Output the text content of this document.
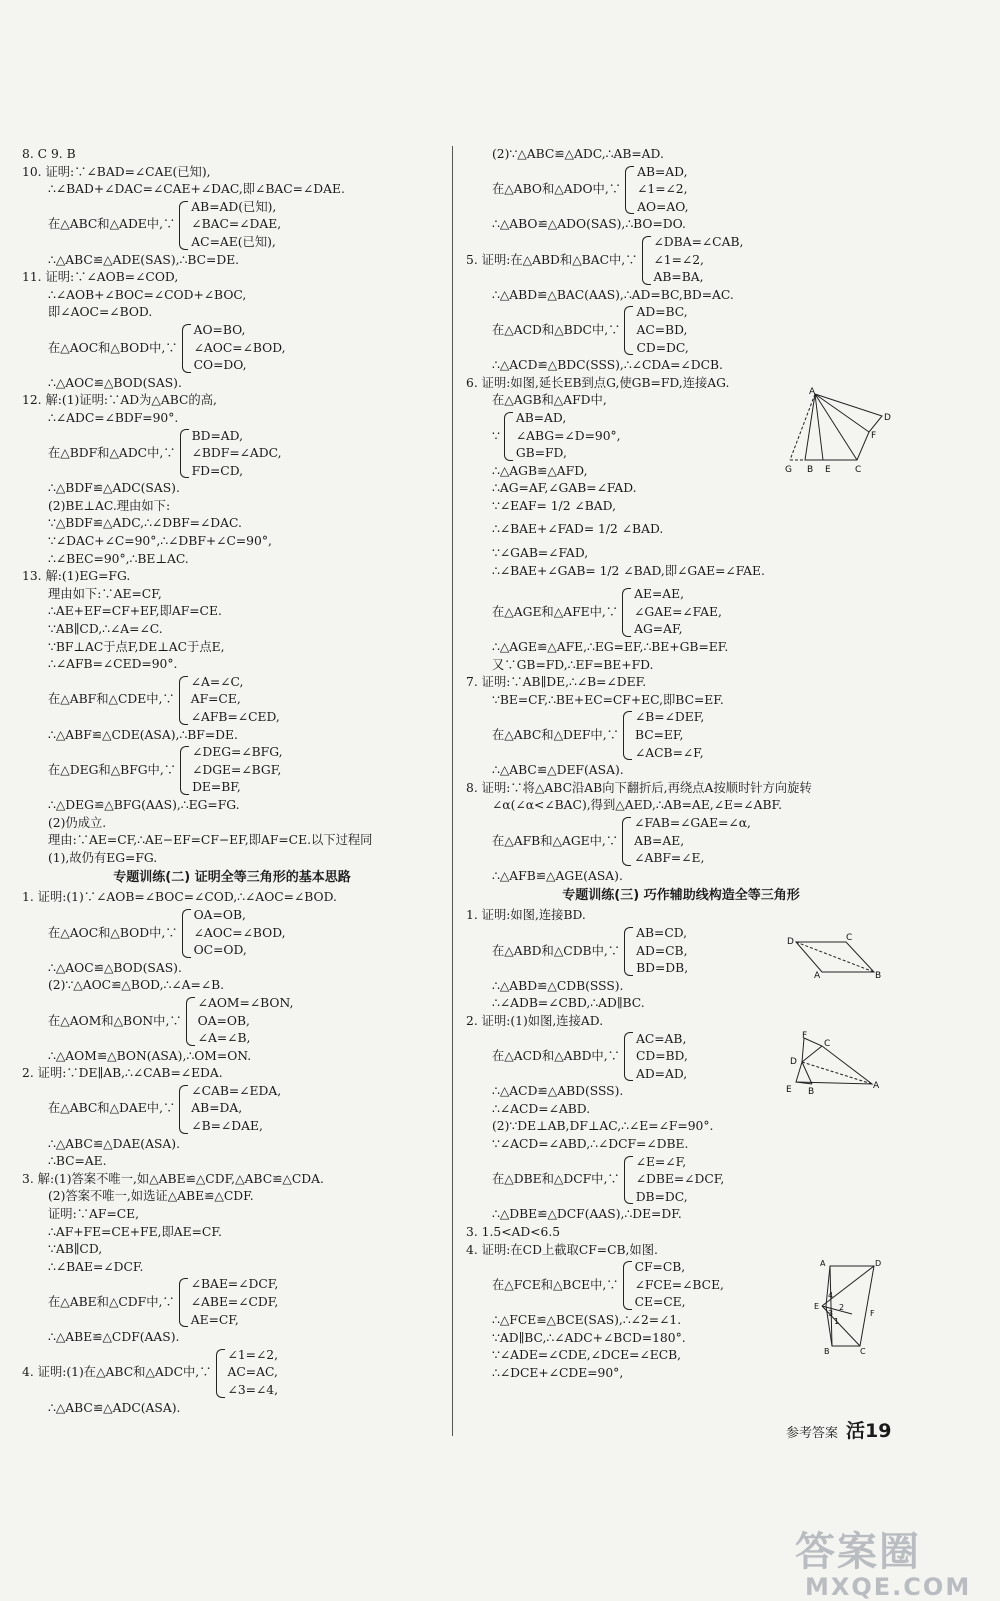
8. C 9. B
10. 证明:∵∠BAD=∠CAE(已知),
∴∠BAD+∠DAC=∠CAE+∠DAC,即∠BAC=∠DAE.
在△ABC和△ADE中,∵
AB=AD(已知),
∠BAC=∠DAE,
AC=AE(已知),
∴△ABC≌△ADE(SAS),∴BC=DE.
11. 证明:∵∠AOB=∠COD,
∴∠AOB+∠BOC=∠COD+∠BOC,
即∠AOC=∠BOD.
在△AOC和△BOD中,∵
AO=BO,
∠AOC=∠BOD,
CO=DO,
∴△AOC≌△BOD(SAS).
12. 解:(1)证明:∵AD为△ABC的高,
∴∠ADC=∠BDF=90°.
在△BDF和△ADC中,∵
BD=AD,
∠BDF=∠ADC,
FD=CD,
∴△BDF≌△ADC(SAS).
(2)BE⊥AC.理由如下:
∵△BDF≌△ADC,∴∠DBF=∠DAC.
∵∠DAC+∠C=90°,∴∠DBF+∠C=90°,
∴∠BEC=90°,∴BE⊥AC.
13. 解:(1)EG=FG.
理由如下:∵AE=CF,
∴AE+EF=CF+EF,即AF=CE.
∵AB∥CD,∴∠A=∠C.
∵BF⊥AC于点F,DE⊥AC于点E,
∴∠AFB=∠CED=90°.
在△ABF和△CDE中,∵
∠A=∠C,
AF=CE,
∠AFB=∠CED,
∴△ABF≌△CDE(ASA),∴BF=DE.
在△DEG和△BFG中,∵
∠DEG=∠BFG,
∠DGE=∠BGF,
DE=BF,
∴△DEG≌△BFG(AAS),∴EG=FG.
(2)仍成立.
理由:∵AE=CF,∴AE−EF=CF−EF,即AF=CE.以下过程同
(1),故仍有EG=FG.
专题训练(二) 证明全等三角形的基本思路
1. 证明:(1)∵∠AOB=∠BOC=∠COD,∴∠AOC=∠BOD.
在△AOC和△BOD中,∵
OA=OB,
∠AOC=∠BOD,
OC=OD,
∴△AOC≌△BOD(SAS).
(2)∵△AOC≌△BOD,∴∠A=∠B.
在△AOM和△BON中,∵
∠AOM=∠BON,
OA=OB,
∠A=∠B,
∴△AOM≌△BON(ASA),∴OM=ON.
2. 证明:∵DE∥AB,∴∠CAB=∠EDA.
在△ABC和△DAE中,∵
∠CAB=∠EDA,
AB=DA,
∠B=∠DAE,
∴△ABC≌△DAE(ASA).
∴BC=AE.
3. 解:(1)答案不唯一,如△ABE≌△CDF,△ABC≌△CDA.
(2)答案不唯一,如选证△ABE≌△CDF.
证明:∵AF=CE,
∴AF+FE=CE+FE,即AE=CF.
∵AB∥CD,
∴∠BAE=∠DCF.
在△ABE和△CDF中,∵
∠BAE=∠DCF,
∠ABE=∠CDF,
AE=CF,
∴△ABE≌△CDF(AAS).
4. 证明:(1)在△ABC和△ADC中,∵
∠1=∠2,
AC=AC,
∠3=∠4,
∴△ABC≌△ADC(ASA).
(2)∵△ABC≌△ADC,∴AB=AD.
在△ABO和△ADO中,∵
AB=AD,
∠1=∠2,
AO=AO,
∴△ABO≌△ADO(SAS),∴BO=DO.
5. 证明:在△ABD和△BAC中,∵
∠DBA=∠CAB,
∠1=∠2,
AB=BA,
∴△ABD≌△BAC(AAS),∴AD=BC,BD=AC.
在△ACD和△BDC中,∵
AD=BC,
AC=BD,
CD=DC,
∴△ACD≌△BDC(SSS),∴∠CDA=∠DCB.
6. 证明:如图,延长EB到点G,使GB=FD,连接AG.
在△AGB和△AFD中,
∵
AB=AD,
∠ABG=∠D=90°,
GB=FD,
∴△AGB≌△AFD,
∴AG=AF,∠GAB=∠FAD.
∵∠EAF= 1/2 ∠BAD,
∴∠BAE+∠FAD= 1/2 ∠BAD.
∵∠GAB=∠FAD,
∴∠BAE+∠GAB= 1/2 ∠BAD,即∠GAE=∠FAE.
在△AGE和△AFE中,∵
AE=AE,
∠GAE=∠FAE,
AG=AF,
∴△AGE≌△AFE,∴EG=EF,∴BE+GB=EF.
又∵GB=FD,∴EF=BE+FD.
7. 证明:∵AB∥DE,∴∠B=∠DEF.
∵BE=CF,∴BE+EC=CF+EC,即BC=EF.
在△ABC和△DEF中,∵
∠B=∠DEF,
BC=EF,
∠ACB=∠F,
∴△ABC≌△DEF(ASA).
8. 证明:∵将△ABC沿AB向下翻折后,再绕点A按顺时针方向旋转
∠α(∠α<∠BAC),得到△AED,∴AB=AE,∠E=∠ABF.
在△AFB和△AGE中,∵
∠FAB=∠GAE=∠α,
AB=AE,
∠ABF=∠E,
∴△AFB≌△AGE(ASA).
专题训练(三) 巧作辅助线构造全等三角形
1. 证明:如图,连接BD.
在△ABD和△CDB中,∵
AB=CD,
AD=CB,
BD=DB,
∴△ABD≌△CDB(SSS).
∴∠ADB=∠CBD,∴AD∥BC.
2. 证明:(1)如图,连接AD.
在△ACD和△ABD中,∵
AC=AB,
CD=BD,
AD=AD,
∴△ACD≌△ABD(SSS).
∴∠ACD=∠ABD.
(2)∵DE⊥AB,DF⊥AC,∴∠E=∠F=90°.
∵∠ACD=∠ABD,∴∠DCF=∠DBE.
在△DBE和△DCF中,∵
∠E=∠F,
∠DBE=∠DCF,
DB=DC,
∴△DBE≌△DCF(AAS),∴DE=DF.
3. 1.5<AD<6.5
4. 证明:在CD上截取CF=CB,如图.
在△FCE和△BCE中,∵
CF=CB,
∠FCE=∠BCE,
CE=CE,
∴△FCE≌△BCE(SAS),∴∠2=∠1.
∵AD∥BC,∴∠ADC+∠BCD=180°.
∵∠ADE=∠CDE,∠DCE=∠ECB,
∴∠DCE+∠CDE=90°,
A
D
F
G B E	C
D	C
A	B
F
D
C
E B
A
A	D
E
F
B	C
4
3
2
1
参考答案 活19
答案圈
MXQE.COM
